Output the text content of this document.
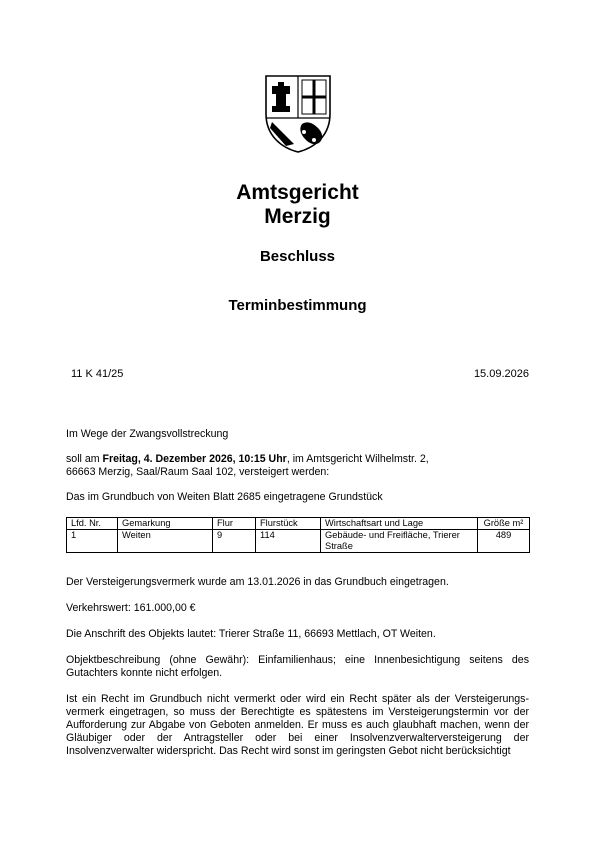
Amtsgericht
Merzig
Beschluss
Terminbestimmung
11 K 41/25	15.09.2026
Im Wege der Zwangsvollstreckung
soll am Freitag, 4. Dezember 2026, 10:15 Uhr, im Amtsgericht Wilhelmstr. 2,
66663 Merzig, Saal/Raum Saal 102, versteigert werden:
Das im Grundbuch von Weiten Blatt 2685 eingetragene Grundstück
Lfd. Nr.	Gemarkung	Flur	Flurstück	Wirtschaftsart und Lage	Größe m²
1	Weiten	9	114	Gebäude- und Freifläche, Trierer Straße	489
Der Versteigerungsvermerk wurde am 13.01.2026 in das Grundbuch eingetragen.
Verkehrswert: 161.000,00 €
Die Anschrift des Objekts lautet: Trierer Straße 11, 66693 Mettlach, OT Weiten.
Objektbeschreibung (ohne Gewähr): Einfamilienhaus; eine Innenbesichtigung seitens des Gutachters konnte nicht erfolgen.
Ist ein Recht im Grundbuch nicht vermerkt oder wird ein Recht später als der Versteigerungs-vermerk eingetragen, so muss der Berechtigte es spätestens im Versteigerungstermin vor der Aufforderung zur Abgabe von Geboten anmelden. Er muss es auch glaubhaft machen, wenn der Gläubiger oder der Antragsteller oder bei einer Insolvenzverwalterversteigerung der Insolvenzverwalter widerspricht. Das Recht wird sonst im geringsten Gebot nicht berücksichtigt
